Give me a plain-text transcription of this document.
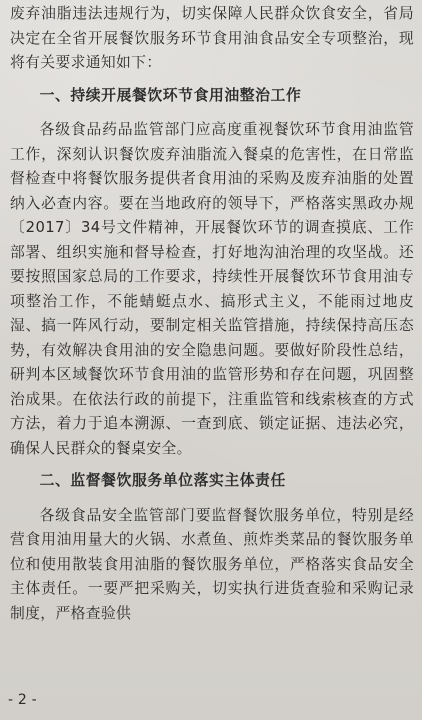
废弃油脂违法违规行为，切实保障人民群众饮食安全，省局决定在全省开展餐饮服务环节食用油食品安全专项整治，现将有关要求通知如下：

一、持续开展餐饮环节食用油整治工作

各级食品药品监管部门应高度重视餐饮环节食用油监管工作，深刻认识餐饮废弃油脂流入餐桌的危害性，在日常监督检查中将餐饮服务提供者食用油的采购及废弃油脂的处置纳入必查内容。要在当地政府的领导下，严格落实黑政办规〔2017〕34号文件精神，开展餐饮环节的调查摸底、工作部署、组织实施和督导检查，打好地沟油治理的攻坚战。还要按照国家总局的工作要求，持续性开展餐饮环节食用油专项整治工作，不能蜻蜓点水、搞形式主义，不能雨过地皮湿、搞一阵风行动，要制定相关监管措施，持续保持高压态势，有效解决食用油的安全隐患问题。要做好阶段性总结，研判本区域餐饮环节食用油的监管形势和存在问题，巩固整治成果。在依法行政的前提下，注重监管和线索核查的方式方法，着力于追本溯源、一查到底、锁定证据、违法必究，确保人民群众的餐桌安全。

二、监督餐饮服务单位落实主体责任

各级食品安全监管部门要监督餐饮服务单位，特别是经营食用油用量大的火锅、水煮鱼、煎炸类菜品的餐饮服务单位和使用散装食用油脂的餐饮服务单位，严格落实食品安全主体责任。一要严把采购关，切实执行进货查验和采购记录制度，严格查验供

- 2 -
